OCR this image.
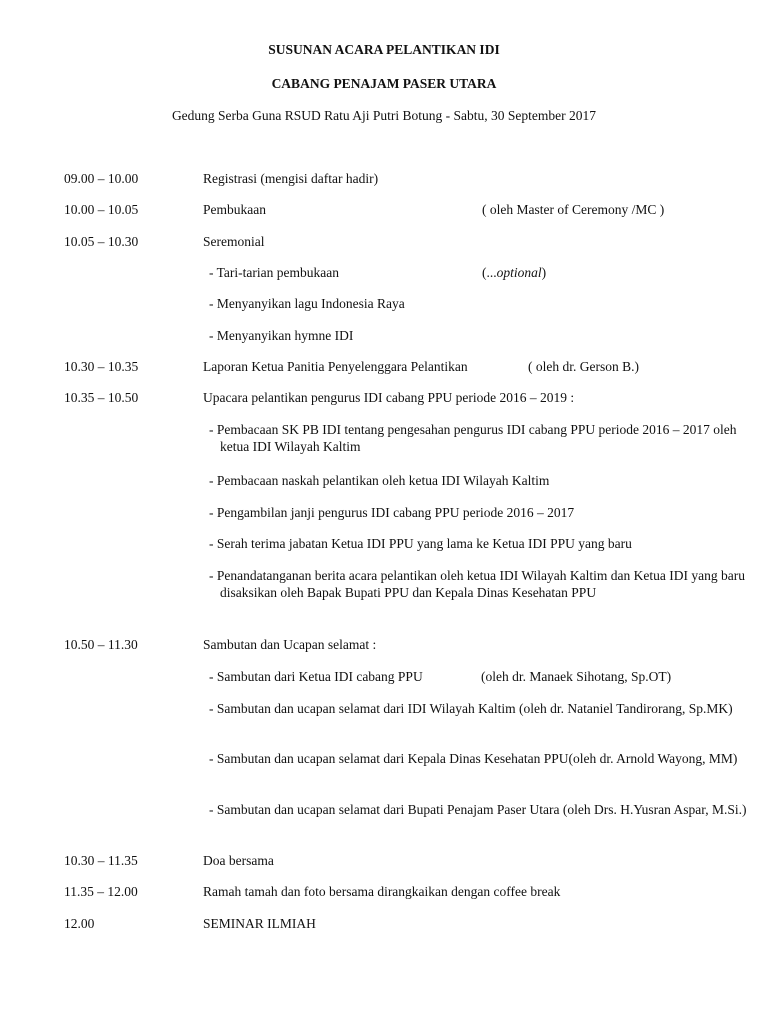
SUSUNAN ACARA PELANTIKAN IDI
CABANG PENAJAM PASER UTARA
Gedung Serba Guna RSUD Ratu Aji Putri Botung - Sabtu, 30 September 2017
09.00 – 10.00	Registrasi (mengisi daftar hadir)
10.00 – 10.05	Pembukaan	( oleh Master of Ceremony /MC )
10.05 – 10.30	Seremonial
- Tari-tarian pembukaan	(...optional)
- Menyanyikan lagu Indonesia Raya
- Menyanyikan hymne IDI
10.30 – 10.35	Laporan Ketua Panitia Penyelenggara Pelantikan	( oleh dr. Gerson B.)
10.35 – 10.50	Upacara pelantikan pengurus IDI cabang PPU periode 2016 – 2019 :
- Pembacaan SK PB IDI tentang pengesahan pengurus IDI cabang PPU periode 2016 – 2017 oleh ketua IDI Wilayah Kaltim
- Pembacaan naskah pelantikan oleh ketua IDI Wilayah Kaltim
- Pengambilan janji pengurus IDI cabang PPU periode 2016 – 2017
- Serah terima jabatan Ketua IDI PPU yang lama ke Ketua IDI PPU yang baru
- Penandatanganan berita acara pelantikan oleh ketua IDI Wilayah Kaltim dan Ketua IDI yang baru disaksikan oleh Bapak Bupati PPU dan Kepala Dinas Kesehatan PPU
10.50 – 11.30	Sambutan dan Ucapan selamat :
- Sambutan dari Ketua IDI cabang PPU	(oleh dr. Manaek Sihotang, Sp.OT)
- Sambutan dan ucapan selamat dari IDI Wilayah Kaltim (oleh dr. Nataniel Tandirorang, Sp.MK)
- Sambutan dan ucapan selamat dari Kepala Dinas Kesehatan PPU(oleh dr. Arnold Wayong, MM)
- Sambutan dan ucapan selamat dari Bupati Penajam Paser Utara (oleh Drs. H.Yusran Aspar, M.Si.)
10.30 – 11.35	Doa bersama
11.35 – 12.00	Ramah tamah dan foto bersama dirangkaikan dengan coffee break
12.00	SEMINAR ILMIAH
